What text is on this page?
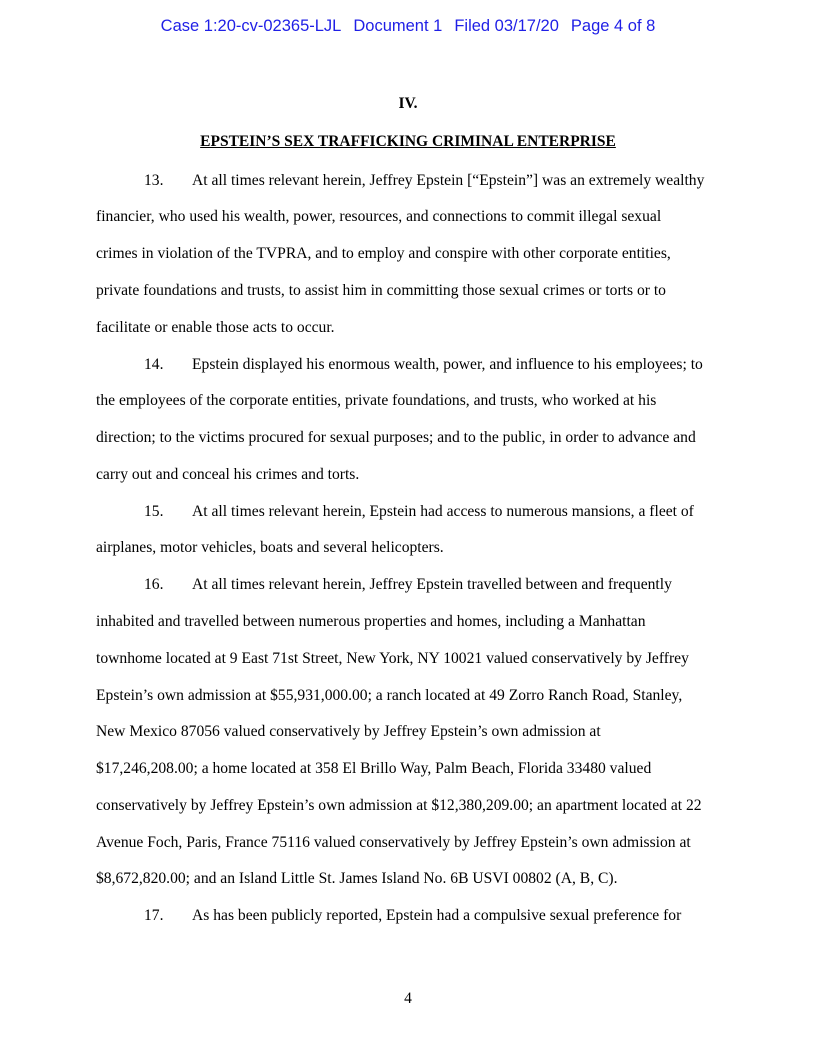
Case 1:20-cv-02365-LJL Document 1 Filed 03/17/20 Page 4 of 8
IV.
EPSTEIN’S SEX TRAFFICKING CRIMINAL ENTERPRISE
13. At all times relevant herein, Jeffrey Epstein [“Epstein”] was an extremely wealthy
financier, who used his wealth, power, resources, and connections to commit illegal sexual
crimes in violation of the TVPRA, and to employ and conspire with other corporate entities,
private foundations and trusts, to assist him in committing those sexual crimes or torts or to
facilitate or enable those acts to occur.
14. Epstein displayed his enormous wealth, power, and influence to his employees; to
the employees of the corporate entities, private foundations, and trusts, who worked at his
direction; to the victims procured for sexual purposes; and to the public, in order to advance and
carry out and conceal his crimes and torts.
15. At all times relevant herein, Epstein had access to numerous mansions, a fleet of
airplanes, motor vehicles, boats and several helicopters.
16. At all times relevant herein, Jeffrey Epstein travelled between and frequently
inhabited and travelled between numerous properties and homes, including a Manhattan
townhome located at 9 East 71st Street, New York, NY 10021 valued conservatively by Jeffrey
Epstein’s own admission at $55,931,000.00; a ranch located at 49 Zorro Ranch Road, Stanley,
New Mexico 87056 valued conservatively by Jeffrey Epstein’s own admission at
$17,246,208.00; a home located at 358 El Brillo Way, Palm Beach, Florida 33480 valued
conservatively by Jeffrey Epstein’s own admission at $12,380,209.00; an apartment located at 22
Avenue Foch, Paris, France 75116 valued conservatively by Jeffrey Epstein’s own admission at
$8,672,820.00; and an Island Little St. James Island No. 6B USVI 00802 (A, B, C).
17. As has been publicly reported, Epstein had a compulsive sexual preference for
4
